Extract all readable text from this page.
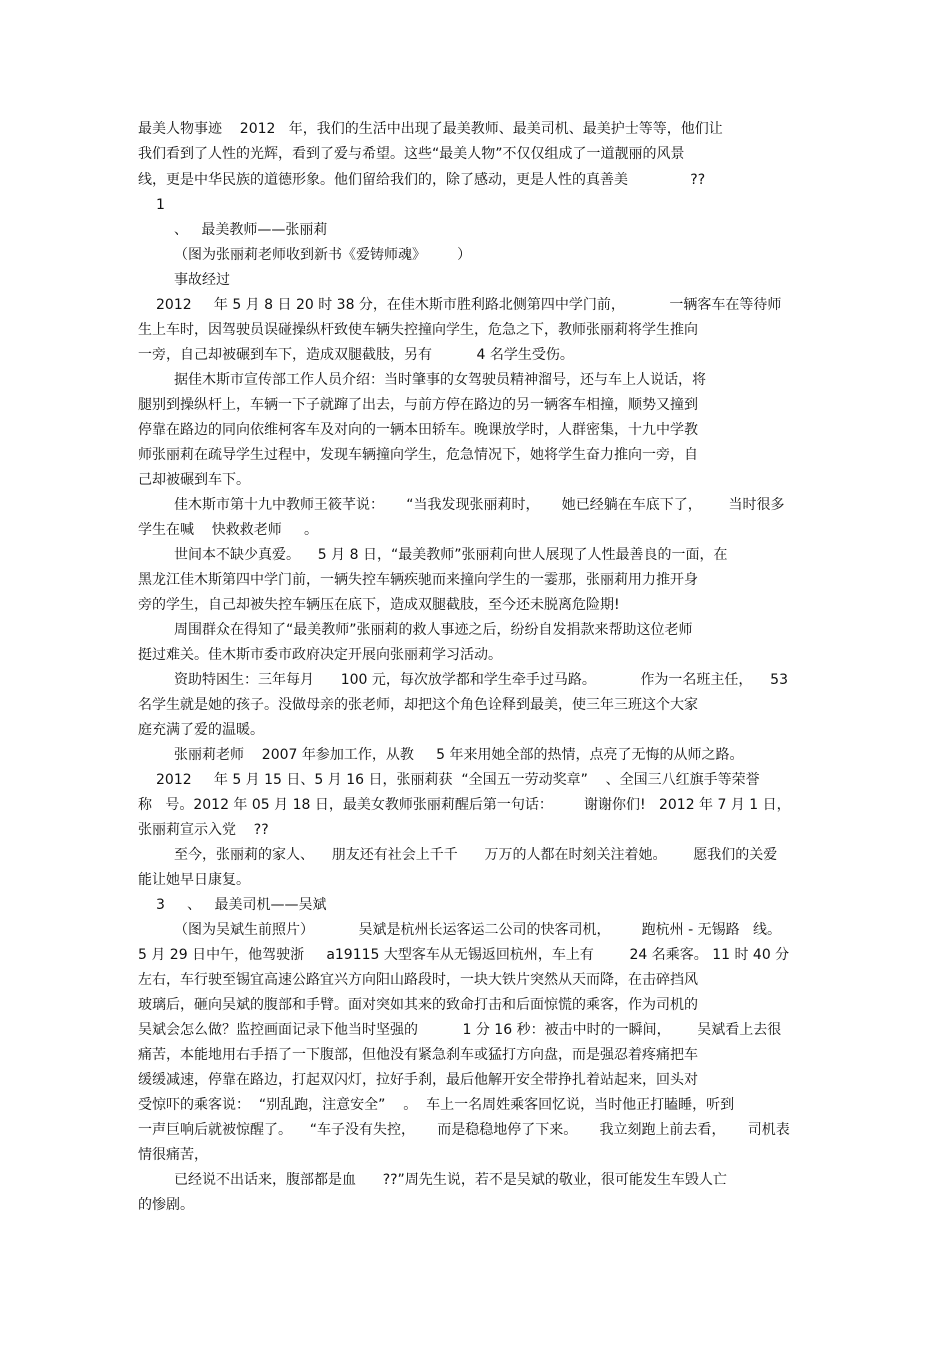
最美人物事迹    2012   年，我们的生活中出现了最美教师、最美司机、最美护士等等，他们让
我们看到了人性的光辉，看到了爱与希望。这些“最美人物”不仅仅组成了一道靓丽的风景
线，更是中华民族的道德形象。他们留给我们的，除了感动，更是人性的真善美              ??
1
、   最美教师——张丽莉
（图为张丽莉老师收到新书《爱铸师魂》       ）
事故经过
2012     年 5 月 8 日 20 时 38 分，在佳木斯市胜利路北侧第四中学门前，          一辆客车在等待师
生上车时，因驾驶员误碰操纵杆致使车辆失控撞向学生，危急之下，教师张丽莉将学生推向
一旁，自己却被碾到车下，造成双腿截肢，另有          4 名学生受伤。
据佳木斯市宣传部工作人员介绍：当时肇事的女驾驶员精神溜号，还与车上人说话，将
腿别到操纵杆上，车辆一下子就蹿了出去，与前方停在路边的另一辆客车相撞，顺势又撞到
停靠在路边的同向依维柯客车及对向的一辆本田轿车。晚课放学时，人群密集，十九中学教
师张丽莉在疏导学生过程中，发现车辆撞向学生，危急情况下，她将学生奋力推向一旁，自
己却被碾到车下。
佳木斯市第十九中教师王筱芊说：     “当我发现张丽莉时，     她已经躺在车底下了，      当时很多
学生在喊    快救救老师     。
世间本不缺少真爱。    5 月 8 日，“最美教师”张丽莉向世人展现了人性最善良的一面，在
黑龙江佳木斯第四中学门前，一辆失控车辆疾驰而来撞向学生的一霎那，张丽莉用力推开身
旁的学生，自己却被失控车辆压在底下，造成双腿截肢，至今还未脱离危险期!
周围群众在得知了“最美教师”张丽莉的救人事迹之后，纷纷自发捐款来帮助这位老师
挺过难关。佳木斯市委市政府决定开展向张丽莉学习活动。
资助特困生：三年每月      100 元，每次放学都和学生牵手过马路。          作为一名班主任，    53
名学生就是她的孩子。没做母亲的张老师，却把这个角色诠释到最美，使三年三班这个大家
庭充满了爱的温暖。
张丽莉老师    2007 年参加工作，从教     5 年来用她全部的热情，点亮了无悔的从师之路。
2012     年 5 月 15 日、5 月 16 日，张丽莉获  “全国五一劳动奖章”    、全国三八红旗手等荣誉
称   号。2012 年 05 月 18 日，最美女教师张丽莉醒后第一句话：       谢谢你们!   2012 年 7 月 1 日，
张丽莉宣示入党    ??
至今，张丽莉的家人、    朋友还有社会上千千      万万的人都在时刻关注着她。      愿我们的关爱
能让她早日康复。
3     、   最美司机——吴斌
（图为吴斌生前照片）          吴斌是杭州长运客运二公司的快客司机，       跑杭州 - 无锡路   线。
5 月 29 日中午，他驾驶浙     a19115 大型客车从无锡返回杭州，车上有        24 名乘客。 11 时 40 分
左右，车行驶至锡宜高速公路宜兴方向阳山路段时，一块大铁片突然从天而降，在击碎挡风
玻璃后，砸向吴斌的腹部和手臂。面对突如其来的致命打击和后面惊慌的乘客，作为司机的
吴斌会怎么做？监控画面记录下他当时坚强的          1 分 16 秒：被击中时的一瞬间，      吴斌看上去很
痛苦，本能地用右手捂了一下腹部，但他没有紧急刹车或猛打方向盘，而是强忍着疼痛把车
缓缓减速，停靠在路边，打起双闪灯，拉好手刹，最后他解开安全带挣扎着站起来，回头对
受惊吓的乘客说：  “别乱跑，注意安全”    。  车上一名周姓乘客回忆说，当时他正打瞌睡，听到
一声巨响后就被惊醒了。    “车子没有失控，     而是稳稳地停了下来。     我立刻跑上前去看，     司机表
情很痛苦，
已经说不出话来，腹部都是血      ??”周先生说，若不是吴斌的敬业，很可能发生车毁人亡
的惨剧。
